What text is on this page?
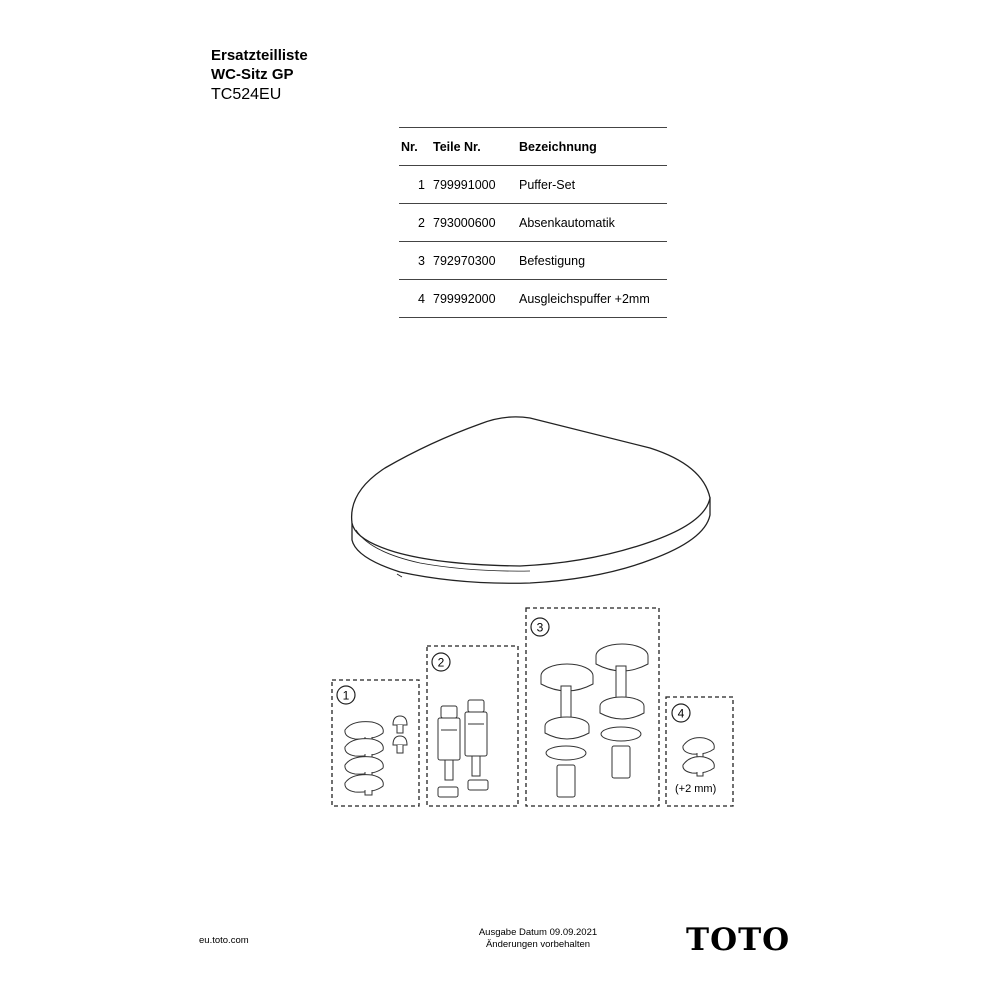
Ersatzteilliste
WC-Sitz GP
TC524EU
Nr.	Teile Nr.	Bezeichnung
1	799991000	Puffer-Set
2	793000600	Absenkautomatik
3	792970300	Befestigung
4	799992000	Ausgleichspuffer +2mm
1
2
3
4
(+2 mm)
eu.toto.com
Ausgabe Datum 09.09.2021
Änderungen vorbehalten	TOTO
